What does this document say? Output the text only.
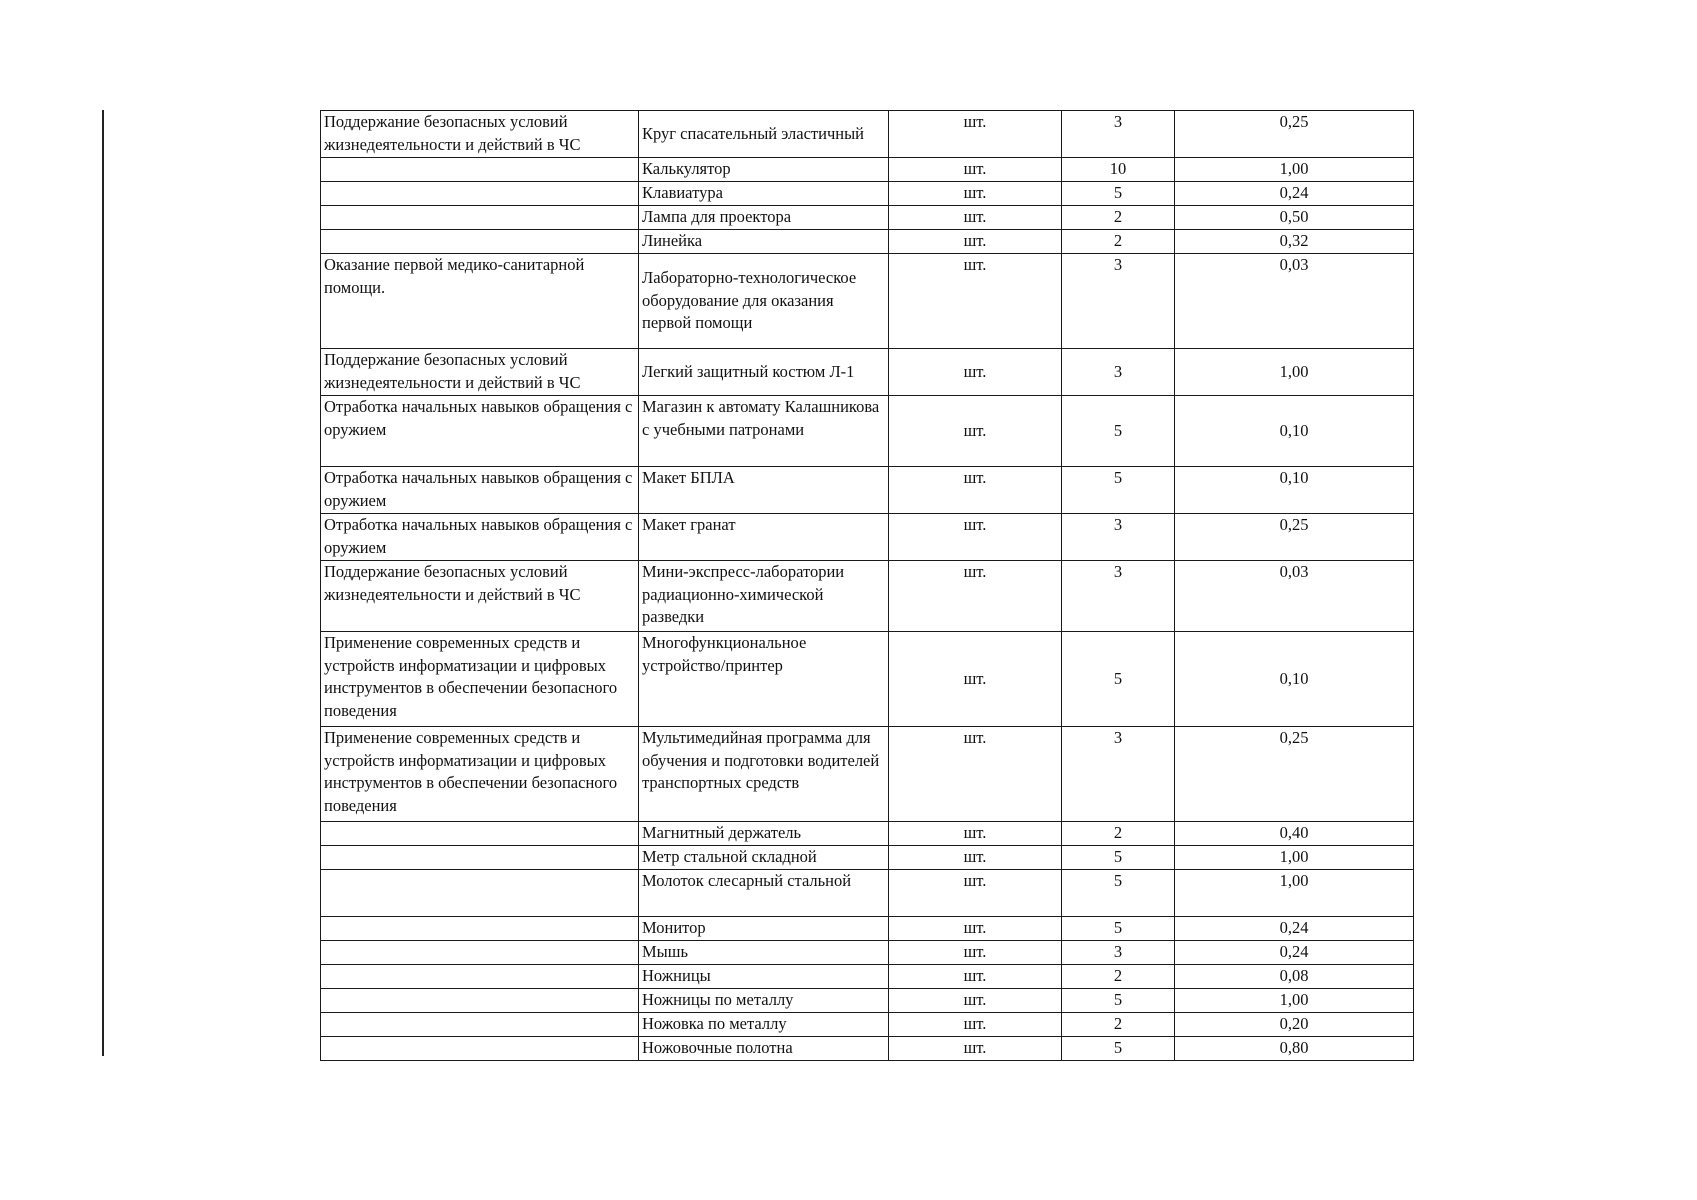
Поддержание безопасных условий жизнедеятельности и действий в ЧС	Круг спасательный эластичный	шт.	3	0,25
	Калькулятор	шт.	10	1,00
	Клавиатура	шт.	5	0,24
	Лампа для проектора	шт.	2	0,50
	Линейка	шт.	2	0,32
Оказание первой медико-санитарной помощи.	Лабораторно-технологическое оборудование для оказания первой помощи	шт.	3	0,03
Поддержание безопасных условий жизнедеятельности и действий в ЧС	Легкий защитный костюм Л-1	шт.	3	1,00
Отработка начальных навыков обращения с оружием	Магазин к автомату Калашникова с учебными патронами	шт.	5	0,10
Отработка начальных навыков обращения с оружием	Макет БПЛА	шт.	5	0,10
Отработка начальных навыков обращения с оружием	Макет гранат	шт.	3	0,25
Поддержание безопасных условий жизнедеятельности и действий в ЧС	Мини-экспресс-лаборатории радиационно-химической разведки	шт.	3	0,03
Применение современных средств и устройств информатизации и цифровых инструментов в обеспечении безопасного поведения	Многофункциональное устройство/принтер	шт.	5	0,10
Применение современных средств и устройств информатизации и цифровых инструментов в обеспечении безопасного поведения	Мультимедийная программа для обучения и подготовки водителей транспортных средств	шт.	3	0,25
	Магнитный держатель	шт.	2	0,40
	Метр стальной складной	шт.	5	1,00
	Молоток слесарный стальной	шт.	5	1,00
	Монитор	шт.	5	0,24
	Мышь	шт.	3	0,24
	Ножницы	шт.	2	0,08
	Ножницы по металлу	шт.	5	1,00
	Ножовка по металлу	шт.	2	0,20
	Ножовочные полотна	шт.	5	0,80
